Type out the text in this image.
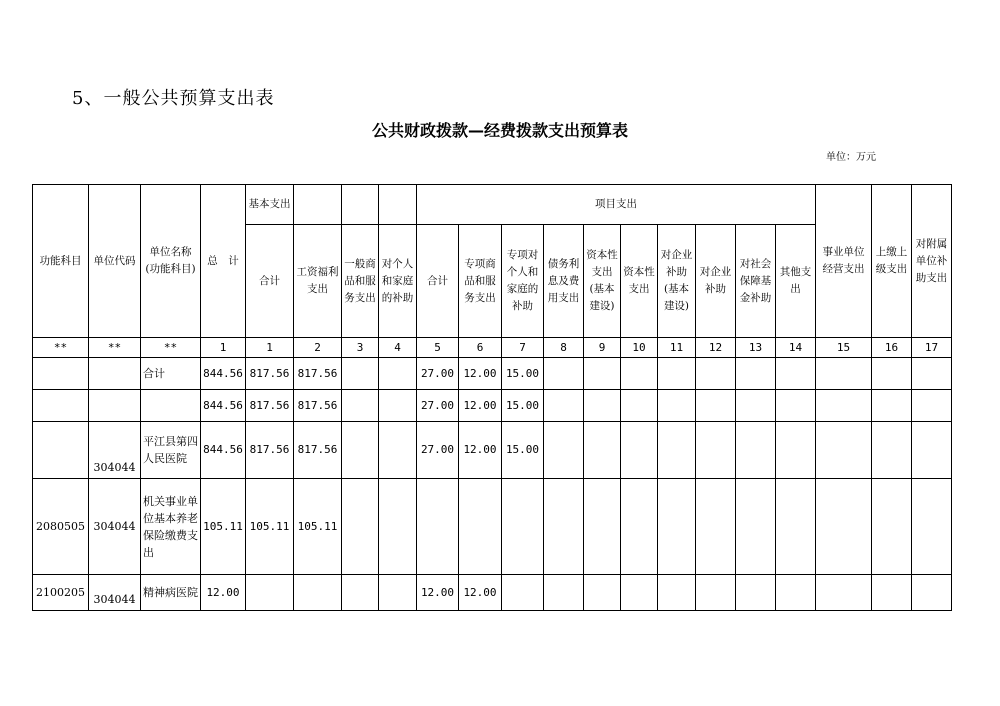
5、一般公共预算支出表
公共财政拨款—经费拨款支出预算表
单位：万元
功能科目	单位代码	单位名称(功能科目)	总　计	基本支出				项目支出										事业单位经营支出	上缴上级支出	对附属单位补助支出
				合计	工资福利支出	一般商品和服务支出	对个人和家庭的补助	合计	专项商品和服务支出	专项对个人和家庭的补助	债务利息及费用支出	资本性支出(基本建设)	资本性支出	对企业补助(基本建设)	对企业补助	对社会保障基金补助	其他支出			
**	**	**	1	1	2	3	4	5	6	7	8	9	10	11	12	13	14	15	16	17
		合计	844.56	817.56	817.56			27.00	12.00	15.00										
			844.56	817.56	817.56			27.00	12.00	15.00										
	304044	平江县第四人民医院	844.56	817.56	817.56			27.00	12.00	15.00										
2080505	304044	机关事业单位基本养老保险缴费支出	105.11	105.11	105.11															
2100205	304044	精神病医院	12.00					12.00	12.00											
